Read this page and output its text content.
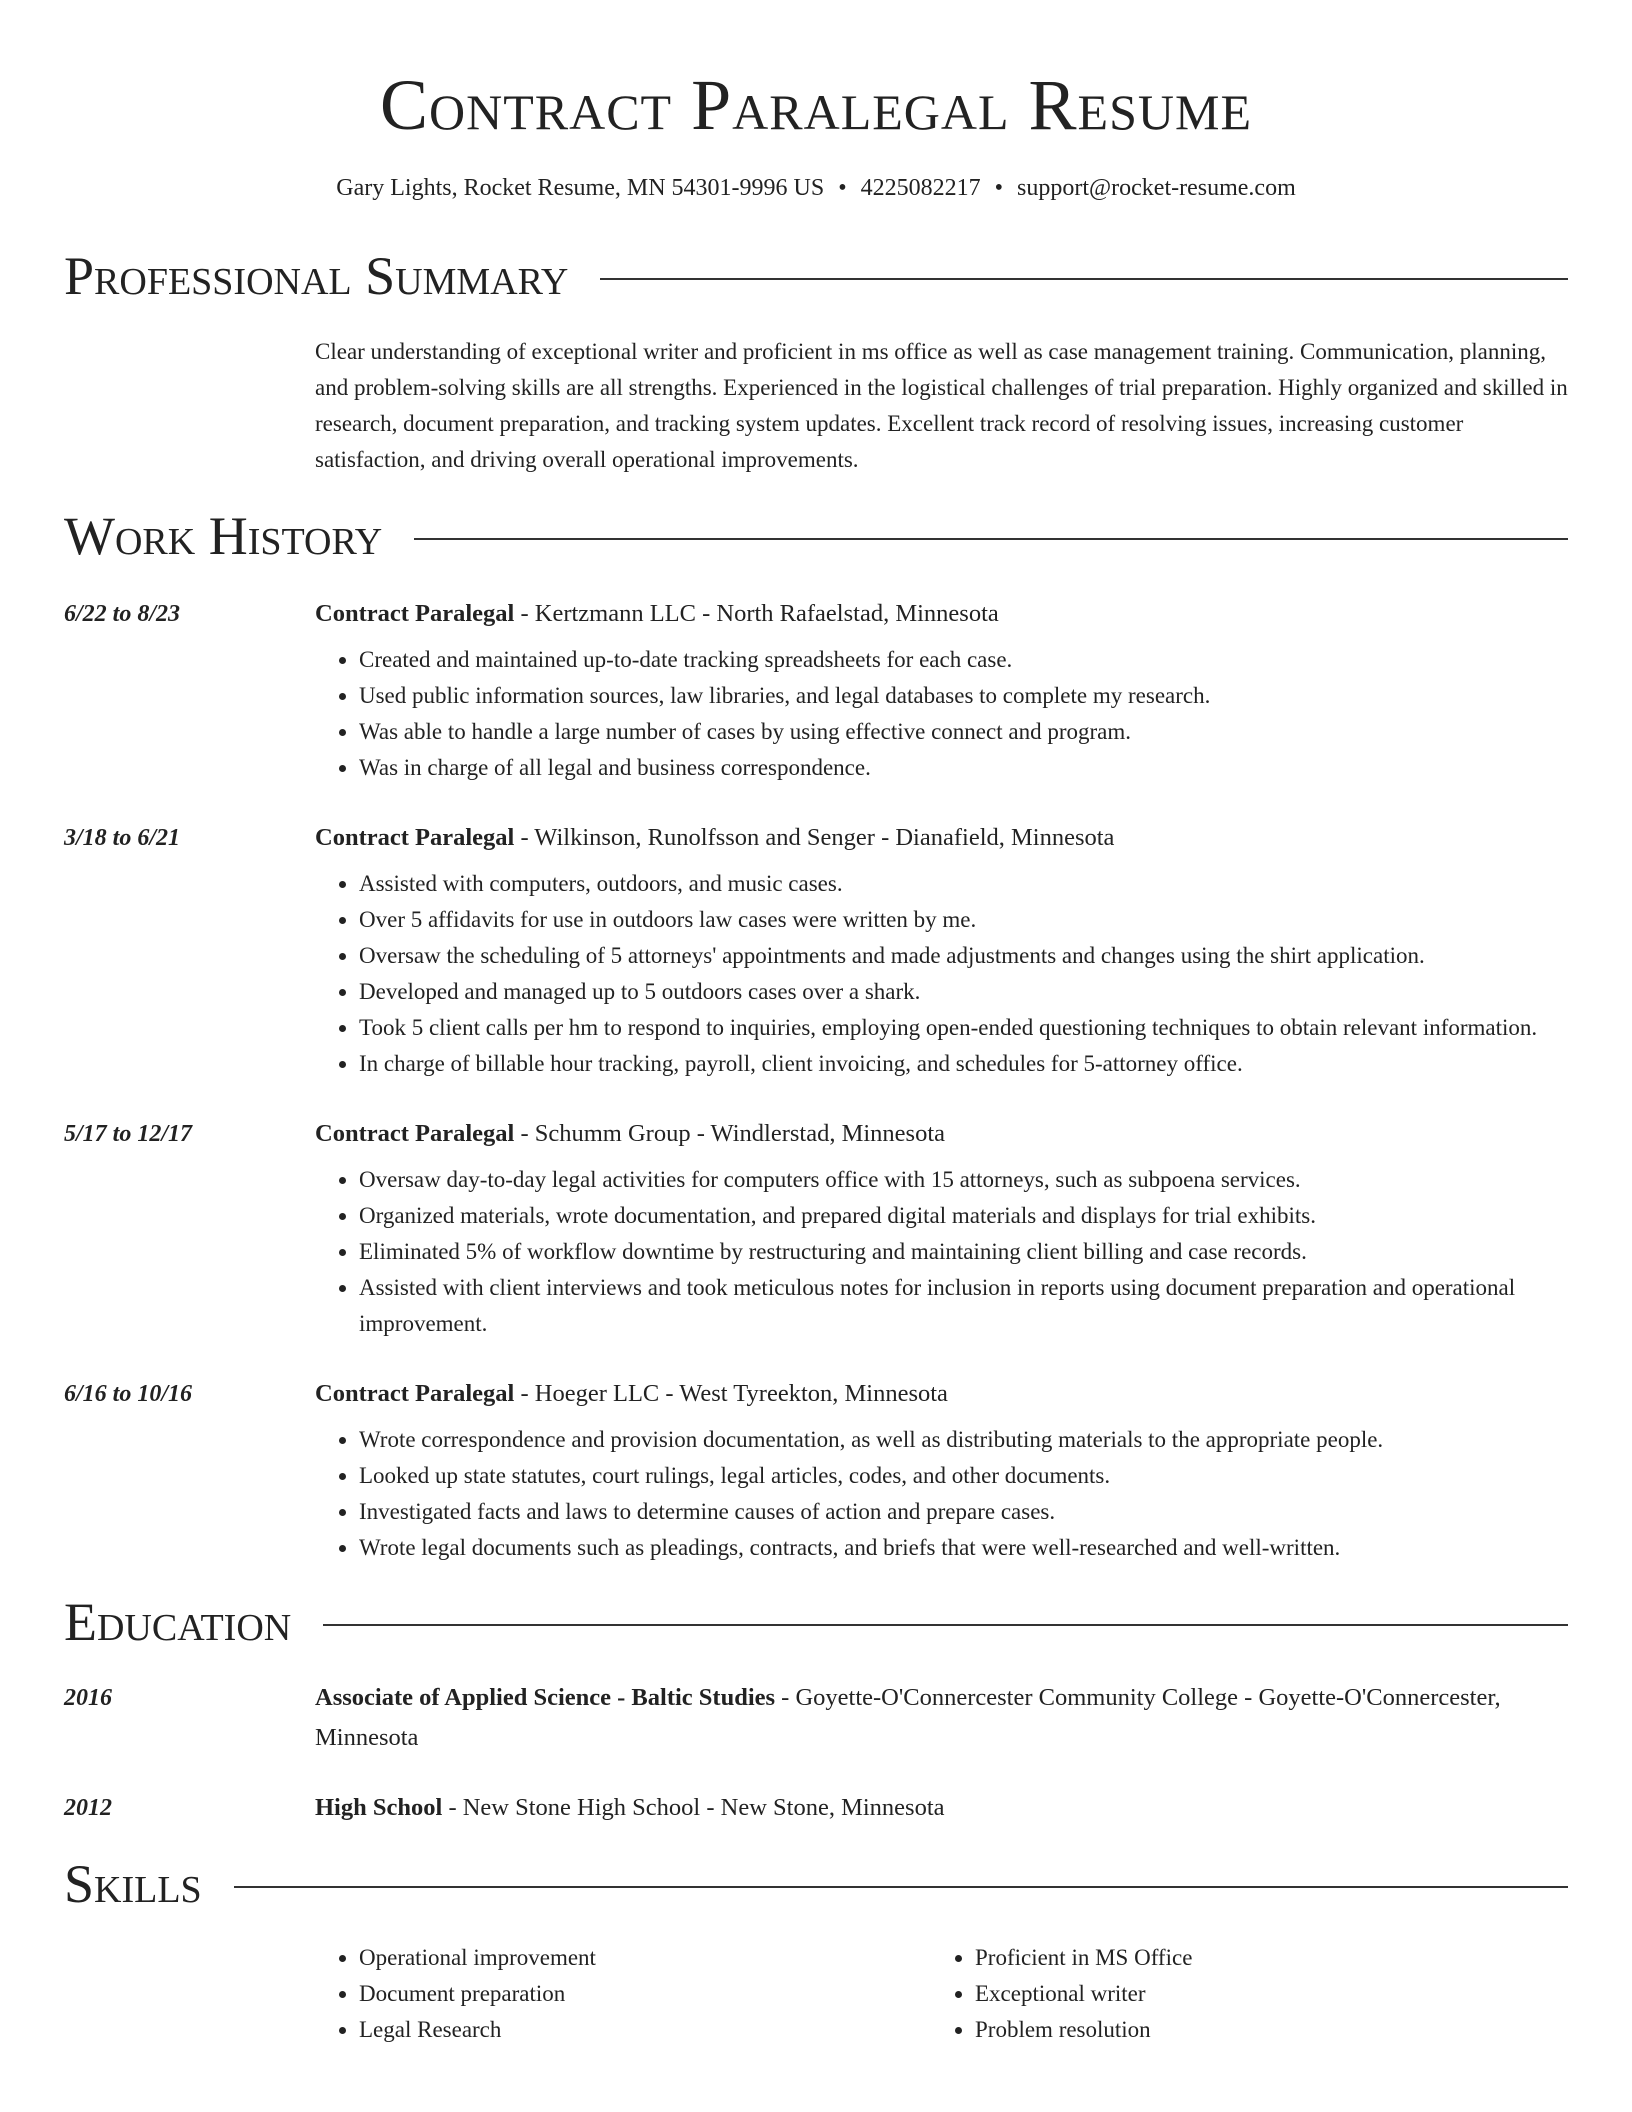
Contract Paralegal Resume
Gary Lights, Rocket Resume, MN 54301-9996 US • 4225082217 • support@rocket-resume.com
Professional Summary
Clear understanding of exceptional writer and proficient in ms office as well as case management training. Communication, planning, and problem-solving skills are all strengths. Experienced in the logistical challenges of trial preparation. Highly organized and skilled in research, document preparation, and tracking system updates. Excellent track record of resolving issues, increasing customer satisfaction, and driving overall operational improvements.
Work History
6/22 to 8/23	Contract Paralegal - Kertzmann LLC - North Rafaelstad, Minnesota
• Created and maintained up-to-date tracking spreadsheets for each case.
• Used public information sources, law libraries, and legal databases to complete my research.
• Was able to handle a large number of cases by using effective connect and program.
• Was in charge of all legal and business correspondence.
3/18 to 6/21	Contract Paralegal - Wilkinson, Runolfsson and Senger - Dianafield, Minnesota
• Assisted with computers, outdoors, and music cases.
• Over 5 affidavits for use in outdoors law cases were written by me.
• Oversaw the scheduling of 5 attorneys' appointments and made adjustments and changes using the shirt application.
• Developed and managed up to 5 outdoors cases over a shark.
• Took 5 client calls per hm to respond to inquiries, employing open-ended questioning techniques to obtain relevant information.
• In charge of billable hour tracking, payroll, client invoicing, and schedules for 5-attorney office.
5/17 to 12/17	Contract Paralegal - Schumm Group - Windlerstad, Minnesota
• Oversaw day-to-day legal activities for computers office with 15 attorneys, such as subpoena services.
• Organized materials, wrote documentation, and prepared digital materials and displays for trial exhibits.
• Eliminated 5% of workflow downtime by restructuring and maintaining client billing and case records.
• Assisted with client interviews and took meticulous notes for inclusion in reports using document preparation and operational improvement.
6/16 to 10/16	Contract Paralegal - Hoeger LLC - West Tyreekton, Minnesota
• Wrote correspondence and provision documentation, as well as distributing materials to the appropriate people.
• Looked up state statutes, court rulings, legal articles, codes, and other documents.
• Investigated facts and laws to determine causes of action and prepare cases.
• Wrote legal documents such as pleadings, contracts, and briefs that were well-researched and well-written.
Education
2016	Associate of Applied Science - Baltic Studies - Goyette-O'Connercester Community College - Goyette-O'Connercester, Minnesota
2012	High School - New Stone High School - New Stone, Minnesota
Skills
• Operational improvement
• Document preparation
• Legal Research
• Proficient in MS Office
• Exceptional writer
• Problem resolution
